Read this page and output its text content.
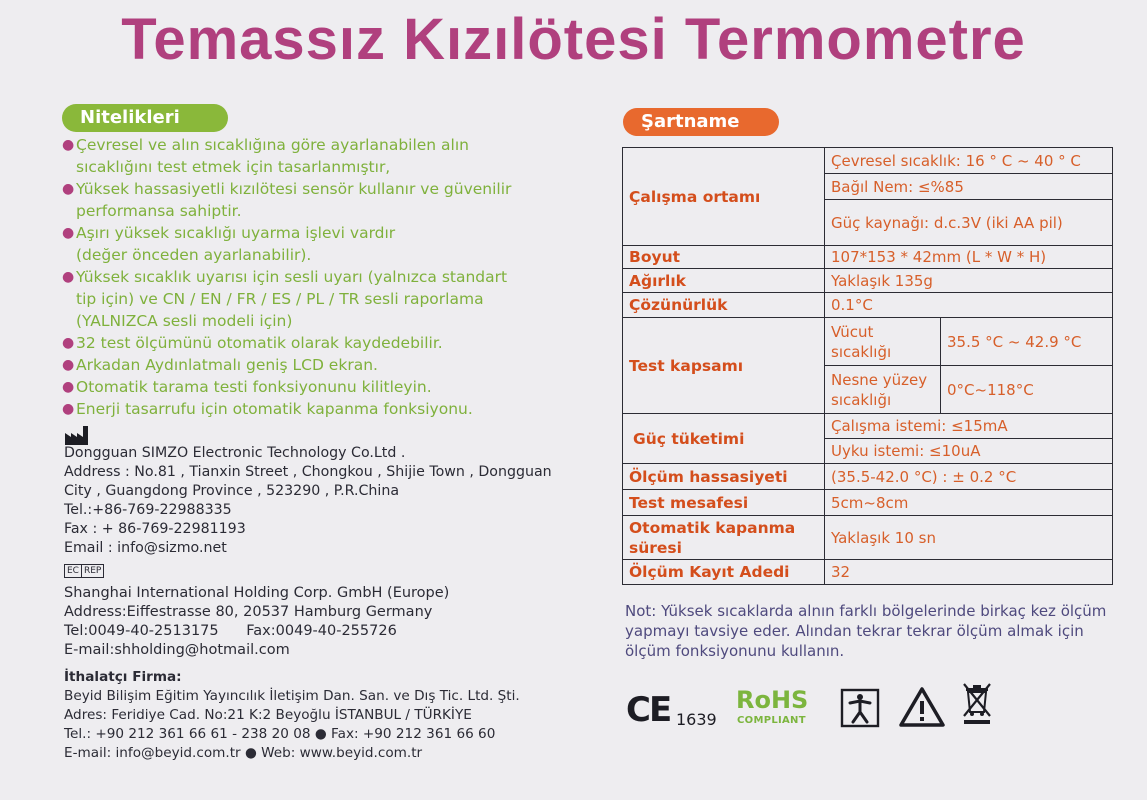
Temassız Kızılötesi Termometre
Nitelikleri
● Çevresel ve alın sıcaklığına göre ayarlanabilen alın
sıcaklığını test etmek için tasarlanmıştır,
● Yüksek hassasiyetli kızılötesi sensör kullanır ve güvenilir
performansa sahiptir.
● Aşırı yüksek sıcaklığı uyarma işlevi vardır
(değer önceden ayarlanabilir).
● Yüksek sıcaklık uyarısı için sesli uyarı (yalnızca standart
tip için) ve CN / EN / FR / ES / PL / TR sesli raporlama
(YALNIZCA sesli modeli için)
● 32 test ölçümünü otomatik olarak kaydedebilir.
● Arkadan Aydınlatmalı geniş LCD ekran.
● Otomatik tarama testi fonksiyonunu kilitleyin.
● Enerji tasarrufu için otomatik kapanma fonksiyonu.
Dongguan SIMZO Electronic Technology Co.Ltd .
Address : No.81 , Tianxin Street , Chongkou , Shijie Town , Dongguan
City , Guangdong Province , 523290 , P.R.China
Tel.:+86-769-22988335
Fax : + 86-769-22981193
Email : info@sizmo.net
EC REP
Shanghai International Holding Corp. GmbH (Europe)
Address:Eiffestrasse 80, 20537 Hamburg Germany
Tel:0049-40-2513175      Fax:0049-40-255726
E-mail:shholding@hotmail.com
İthalatçı Firma:
Beyid Bilişim Eğitim Yayıncılık İletişim Dan. San. ve Dış Tic. Ltd. Şti.
Adres: Feridiye Cad. No:21 K:2 Beyoğlu İSTANBUL / TÜRKİYE
Tel.: +90 212 361 66 61 - 238 20 08 ● Fax: +90 212 361 66 60
E-mail: info@beyid.com.tr ● Web: www.beyid.com.tr
Şartname
Çalışma ortamı	Çevresel sıcaklık: 16 ° C ~ 40 ° C	
	Bağıl Nem: ≤%85	
	Güç kaynağı: d.c.3V (iki AA pil)	
Boyut	107*153 * 42mm (L * W * H)	
Ağırlık	Yaklaşık 135g	
Çözünürlük	0.1°C	
Test kapsamı	Vücut sıcaklığı	35.5 °C ~ 42.9 °C
	Nesne yüzey sıcaklığı	0°C~118°C
Güç tüketimi	Çalışma istemi: ≤15mA	
	Uyku istemi: ≤10uA	
Ölçüm hassasiyeti	(35.5-42.0 °C) : ± 0.2 °C	
Test mesafesi	5cm~8cm	
Otomatik kapanma süresi	Yaklaşık 10 sn	
Ölçüm Kayıt Adedi	32	
Not: Yüksek sıcaklarda alnın farklı bölgelerinde birkaç kez ölçüm yapmayı tavsiye eder. Alından tekrar tekrar ölçüm almak için ölçüm fonksiyonunu kullanın.
CE 1639
RoHS
COMPLIANT
